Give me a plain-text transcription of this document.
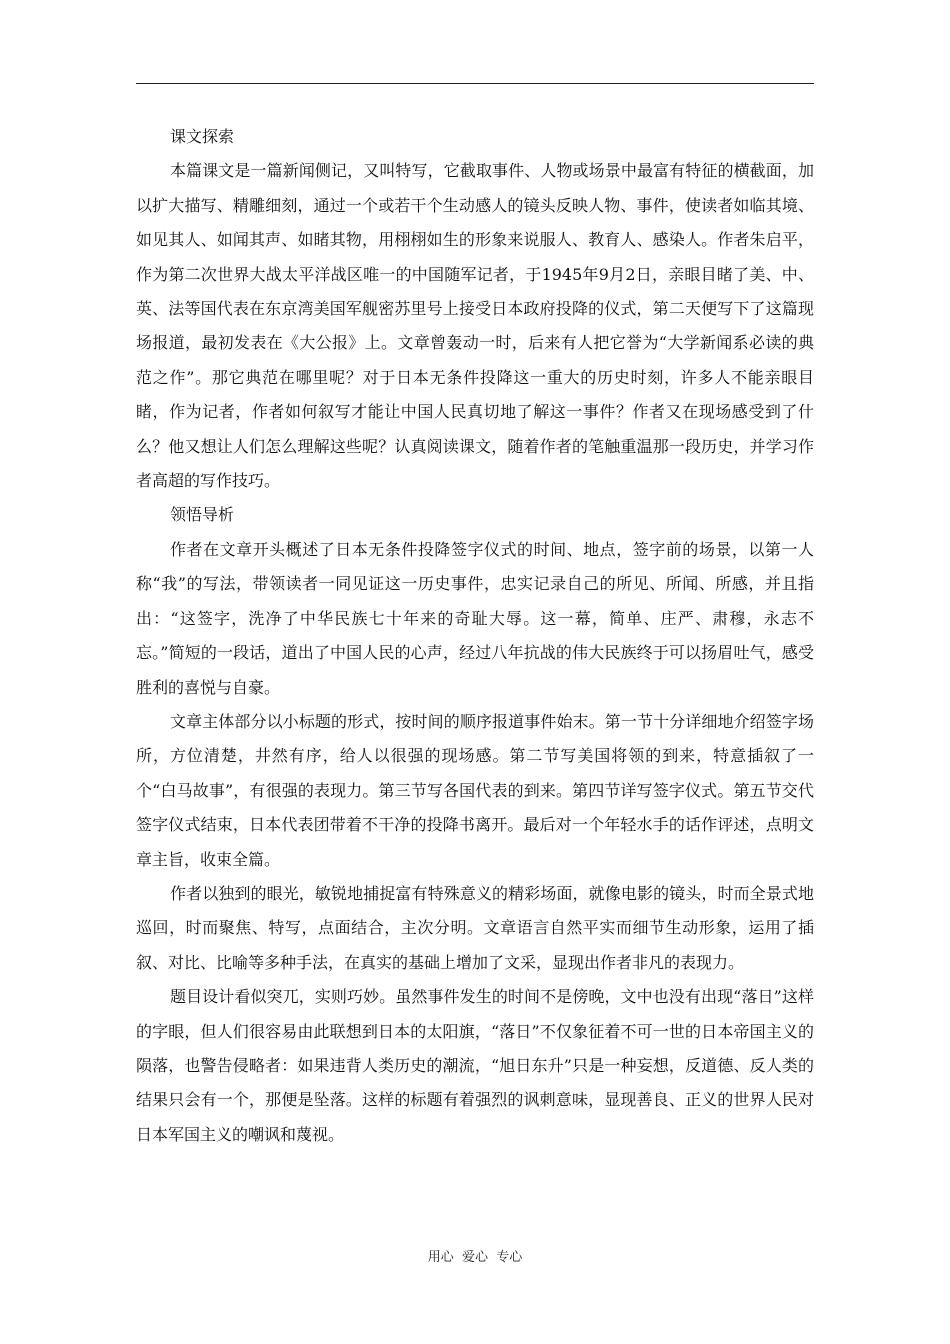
课文探索

本篇课文是一篇新闻侧记，又叫特写，它截取事件、人物或场景中最富有特征的横截面，加以扩大描写、精雕细刻，通过一个或若干个生动感人的镜头反映人物、事件，使读者如临其境、如见其人、如闻其声、如睹其物，用栩栩如生的形象来说服人、教育人、感染人。作者朱启平，作为第二次世界大战太平洋战区唯一的中国随军记者，于1945年9月2日，亲眼目睹了美、中、英、法等国代表在东京湾美国军舰密苏里号上接受日本政府投降的仪式，第二天便写下了这篇现场报道，最初发表在《大公报》上。文章曾轰动一时，后来有人把它誉为“大学新闻系必读的典范之作”。那它典范在哪里呢？对于日本无条件投降这一重大的历史时刻，许多人不能亲眼目睹，作为记者，作者如何叙写才能让中国人民真切地了解这一事件？作者又在现场感受到了什么？他又想让人们怎么理解这些呢？认真阅读课文，随着作者的笔触重温那一段历史，并学习作者高超的写作技巧。

领悟导析

作者在文章开头概述了日本无条件投降签字仪式的时间、地点，签字前的场景，以第一人称“我”的写法，带领读者一同见证这一历史事件，忠实记录自己的所见、所闻、所感，并且指出：“这签字，洗净了中华民族七十年来的奇耻大辱。这一幕，简单、庄严、肃穆，永志不忘。”简短的一段话，道出了中国人民的心声，经过八年抗战的伟大民族终于可以扬眉吐气，感受胜利的喜悦与自豪。

文章主体部分以小标题的形式，按时间的顺序报道事件始末。第一节十分详细地介绍签字场所，方位清楚，井然有序，给人以很强的现场感。第二节写美国将领的到来，特意插叙了一个“白马故事”，有很强的表现力。第三节写各国代表的到来。第四节详写签字仪式。第五节交代签字仪式结束，日本代表团带着不干净的投降书离开。最后对一个年轻水手的话作评述，点明文章主旨，收束全篇。

作者以独到的眼光，敏锐地捕捉富有特殊意义的精彩场面，就像电影的镜头，时而全景式地巡回，时而聚焦、特写，点面结合，主次分明。文章语言自然平实而细节生动形象，运用了插叙、对比、比喻等多种手法，在真实的基础上增加了文采，显现出作者非凡的表现力。

题目设计看似突兀，实则巧妙。虽然事件发生的时间不是傍晚，文中也没有出现“落日”这样的字眼，但人们很容易由此联想到日本的太阳旗，“落日”不仅象征着不可一世的日本帝国主义的陨落，也警告侵略者：如果违背人类历史的潮流，“旭日东升”只是一种妄想，反道德、反人类的结果只会有一个，那便是坠落。这样的标题有着强烈的讽刺意味，显现善良、正义的世界人民对日本军国主义的嘲讽和蔑视。

用心  爱心  专心
